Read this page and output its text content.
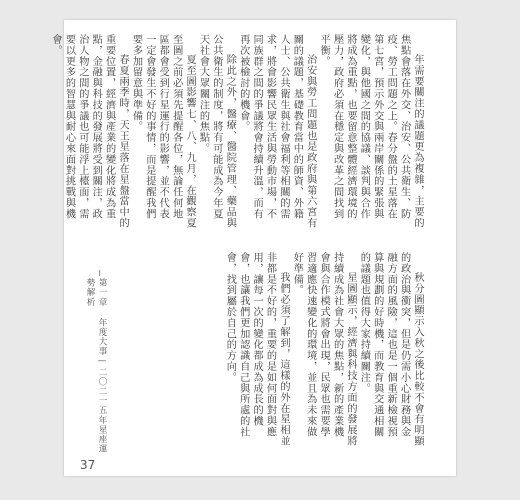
年需要關注的議題更為複雜，主要的焦點會落在外交、治安、公共衛生、防疫、勞工問題之上。春分盤的土星落在第七宮，預示外交與兩岸關係的緊張與變化，與他國之間的協議、談判與合作將成為重點，也要留意整體經濟環境的壓力，政府必須在穩定與改革之間找到平衡。

治安與勞工問題也是政府與第六宮有關的議題，基礎教育當中的師資、外籍人士、公共衛生與社會福利等相關的需求，將會影響民眾生活與勞動市場，不同族群之間的爭議將會持續升溫，而有再次被檢討的機會。

除此之外，醫療、醫院管理、藥品與公共衛生的制度，將有可能成為今年夏天社會大眾關注的焦點。

夏至圖影響七、八、九月，在觀察夏至圖之前必須先提醒各位，無論任何地區都會受到行星運行的影響，並不代表一定會發生不好的事情，而是提醒我們要多加留意與準備。

春夏兩季時，天王星落在星盤當中的重要位置，經濟與產業的變化將成為重點，金融與科技的發展將受到關注，政治人物之間的爭議也可能浮上檯面，需要以更多的智慧與耐心來面對挑戰與機會。

秋分圖顯示入秋之後比較不會有明顯的政治與衝突，但是仍需小心財務與金融方面的風險，這也是一個重新檢視預算與規劃的好時機，而教育與交通相關的議題也值得大家持續關注。

星圖顯示，經濟與科技方面的發展將持續成為社會大眾的焦點，新的產業機會與合作模式將會出現，民眾也需要學習適應快速變化的環境，並且為未來做好準備。

我們必須了解到，這樣的外在星相並非都是不好的，重要的是如何面對與應用，讓每一次的變化都成為成長的機會，也讓我們更加認識自己與所處的社會，找到屬於自己的方向。

第一章 年度大事—二〇二一五年星座運勢解析
37
